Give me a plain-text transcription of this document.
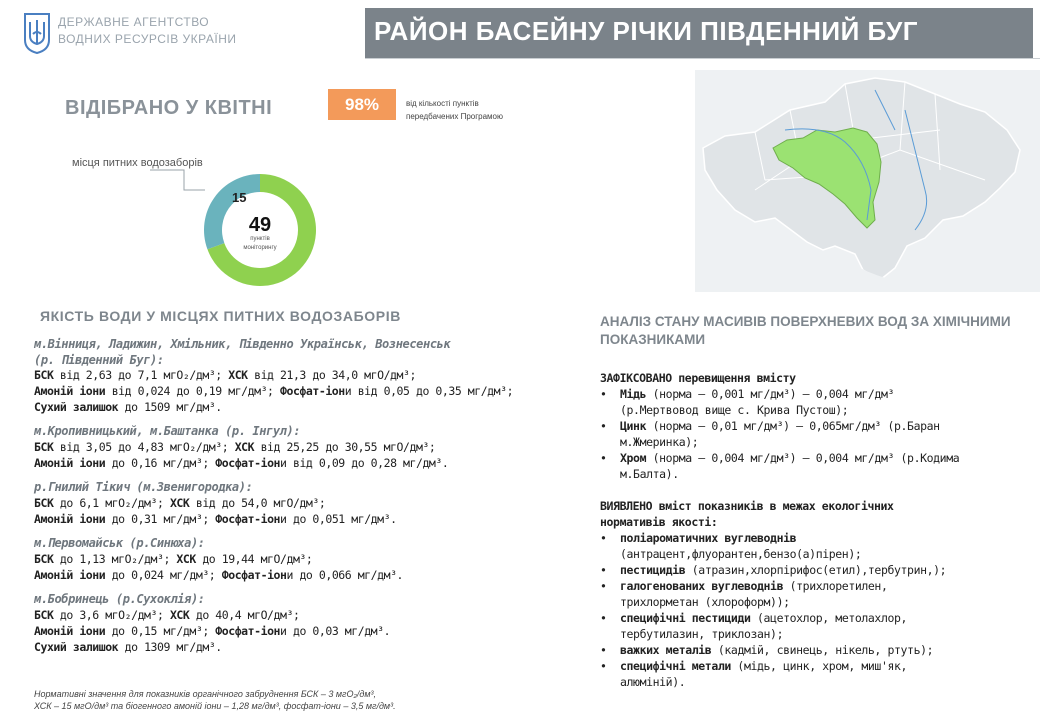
ДЕРЖАВНЕ АГЕНТСТВО
ВОДНИХ РЕСУРСІВ УКРАЇНИ	РАЙОН БАСЕЙНУ РІЧКИ ПІВДЕННИЙ БУГ
ВІДІБРАНО У КВІТНІ	98%	від кількості пунктів
передбачених Програмою
місця питних водозаборів
15
49
пунктів
моніторингу
ЯКІСТЬ ВОДИ У МІСЦЯХ ПИТНИХ ВОДОЗАБОРІВ
м.Вінниця, Ладижин, Хмільник, Південно Українськ, Вознесенськ
(р. Південний Буг):
БСК від 2,63 до 7,1 мгО₂/дм³; ХСК від 21,3 до 34,0 мгО/дм³;
Амоній іони від 0,024 до 0,19 мг/дм³; Фосфат-іони від 0,05 до 0,35 мг/дм³;
Сухий залишок до 1509 мг/дм³.
м.Кропивницький, м.Баштанка (р. Інгул):
БСК від 3,05 до 4,83 мгО₂/дм³; ХСК від 25,25 до 30,55 мгО/дм³;
Амоній іони до 0,16 мг/дм³; Фосфат-іони від 0,09 до 0,28 мг/дм³.
р.Гнилий Тікич (м.Звенигородка):
БСК до 6,1 мгО₂/дм³; ХСК від до 54,0 мгО/дм³;
Амоній іони до 0,31 мг/дм³; Фосфат-іони до 0,051 мг/дм³.
м.Первомайськ (р.Синюха):
БСК до 1,13 мгО₂/дм³; ХСК до 19,44 мгО/дм³;
Амоній іони до 0,024 мг/дм³; Фосфат-іони до 0,066 мг/дм³.
м.Бобринець (р.Сухоклія):
БСК до 3,6 мгО₂/дм³; ХСК до 40,4 мгО/дм³;
Амоній іони до 0,15 мг/дм³; Фосфат-іони до 0,03 мг/дм³.
Сухий залишок до 1309 мг/дм³.
Нормативні значення для показників органічного забруднення БСК – 3 мгО₂/дм³,
ХСК – 15 мгО/дм³ та біогенного амоній іони – 1,28 мг/дм³, фосфат-іони – 3,5 мг/дм³.
АНАЛІЗ СТАНУ МАСИВІВ ПОВЕРХНЕВИХ ВОД ЗА ХІМІЧНИМИ ПОКАЗНИКАМИ
ЗАФІКСОВАНО перевищення вмісту
• Мідь (норма – 0,001 мг/дм³) – 0,004 мг/дм³
(р.Мертвовод вище с. Крива Пустош);
• Цинк (норма – 0,01 мг/дм³) – 0,065мг/дм³ (р.Баран
м.Жмеринка);
• Хром (норма – 0,004 мг/дм³) – 0,004 мг/дм³ (р.Кодима
м.Балта).
ВИЯВЛЕНО вміст показників в межах екологічних
нормативів якості:
• поліароматичних вуглеводнів
(антрацент,флуорантен,бензо(а)пірен);
• пестицидів (атразин,хлорпірифос(етил),тербутрин,);
• галогенованих вуглеводнів (трихлоретилен,
трихлорметан (хлороформ));
• специфічні пестициди (ацетохлор, метолахлор,
тербутилазин, триклозан);
• важких металів (кадмій, свинець, нікель, ртуть);
• специфічні метали (мідь, цинк, хром, миш'як,
алюміній).
